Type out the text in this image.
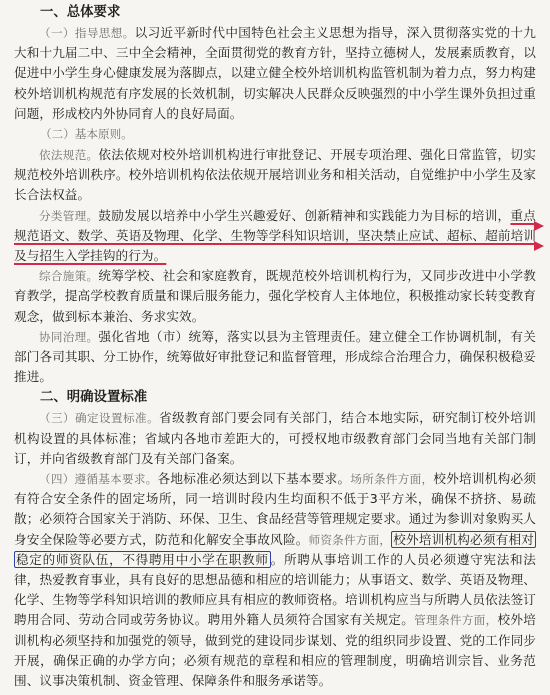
一、总体要求

（一）指导思想。以习近平新时代中国特色社会主义思想为指导，深入贯彻落实党的十九大和十九届二中、三中全会精神，全面贯彻党的教育方针，坚持立德树人，发展素质教育，以促进中小学生身心健康发展为落脚点，以建立健全校外培训机构监管机制为着力点，努力构建校外培训机构规范有序发展的长效机制，切实解决人民群众反映强烈的中小学生课外负担过重问题，形成校内外协同育人的良好局面。

（二）基本原则。

依法规范。依法依规对校外培训机构进行审批登记、开展专项治理、强化日常监管，切实规范校外培训秩序。校外培训机构依法依规开展培训业务和相关活动，自觉维护中小学生及家长合法权益。

分类管理。鼓励发展以培养中小学生兴趣爱好、创新精神和实践能力为目标的培训，重点规范语文、数学、英语及物理、化学、生物等学科知识培训，坚决禁止应试、超标、超前培训及与招生入学挂钩的行为。

综合施策。统筹学校、社会和家庭教育，既规范校外培训机构行为，又同步改进中小学教育教学，提高学校教育质量和课后服务能力，强化学校育人主体地位，积极推动家长转变教育观念，做到标本兼治、务求实效。

协同治理。强化省地（市）统筹，落实以县为主管理责任。建立健全工作协调机制，有关部门各司其职、分工协作，统筹做好审批登记和监督管理，形成综合治理合力，确保积极稳妥推进。

二、明确设置标准

（三）确定设置标准。省级教育部门要会同有关部门，结合本地实际，研究制订校外培训机构设置的具体标准；省域内各地市差距大的，可授权地市级教育部门会同当地有关部门制订，并向省级教育部门及有关部门备案。

（四）遵循基本要求。各地标准必须达到以下基本要求。场所条件方面，校外培训机构必须有符合安全条件的固定场所，同一培训时段内生均面积不低于3平方米，确保不挤挤、易疏散；必须符合国家关于消防、环保、卫生、食品经营等管理规定要求。通过为参训对象购买人身安全保险等必要方式，防范和化解安全事故风险。师资条件方面， 校外培训机构必须有相对稳定的师资队伍，不得聘用中小学在职教师 。所聘从事培训工作的人员必须遵守宪法和法律，热爱教育事业，具有良好的思想品德和相应的培训能力；从事语文、数学、英语及物理、化学、生物等学科知识培训的教师应具有相应的教师资格。培训机构应当与所聘人员依法签订聘用合同、劳动合同或劳务协议。聘用外籍人员须符合国家有关规定。管理条件方面，校外培训机构必须坚持和加强党的领导，做到党的建设同步谋划、党的组织同步设置、党的工作同步开展，确保正确的办学方向；必须有规范的章程和相应的管理制度，明确培训宗旨、业务范围、议事决策机制、资金管理、保障条件和服务承诺等。
